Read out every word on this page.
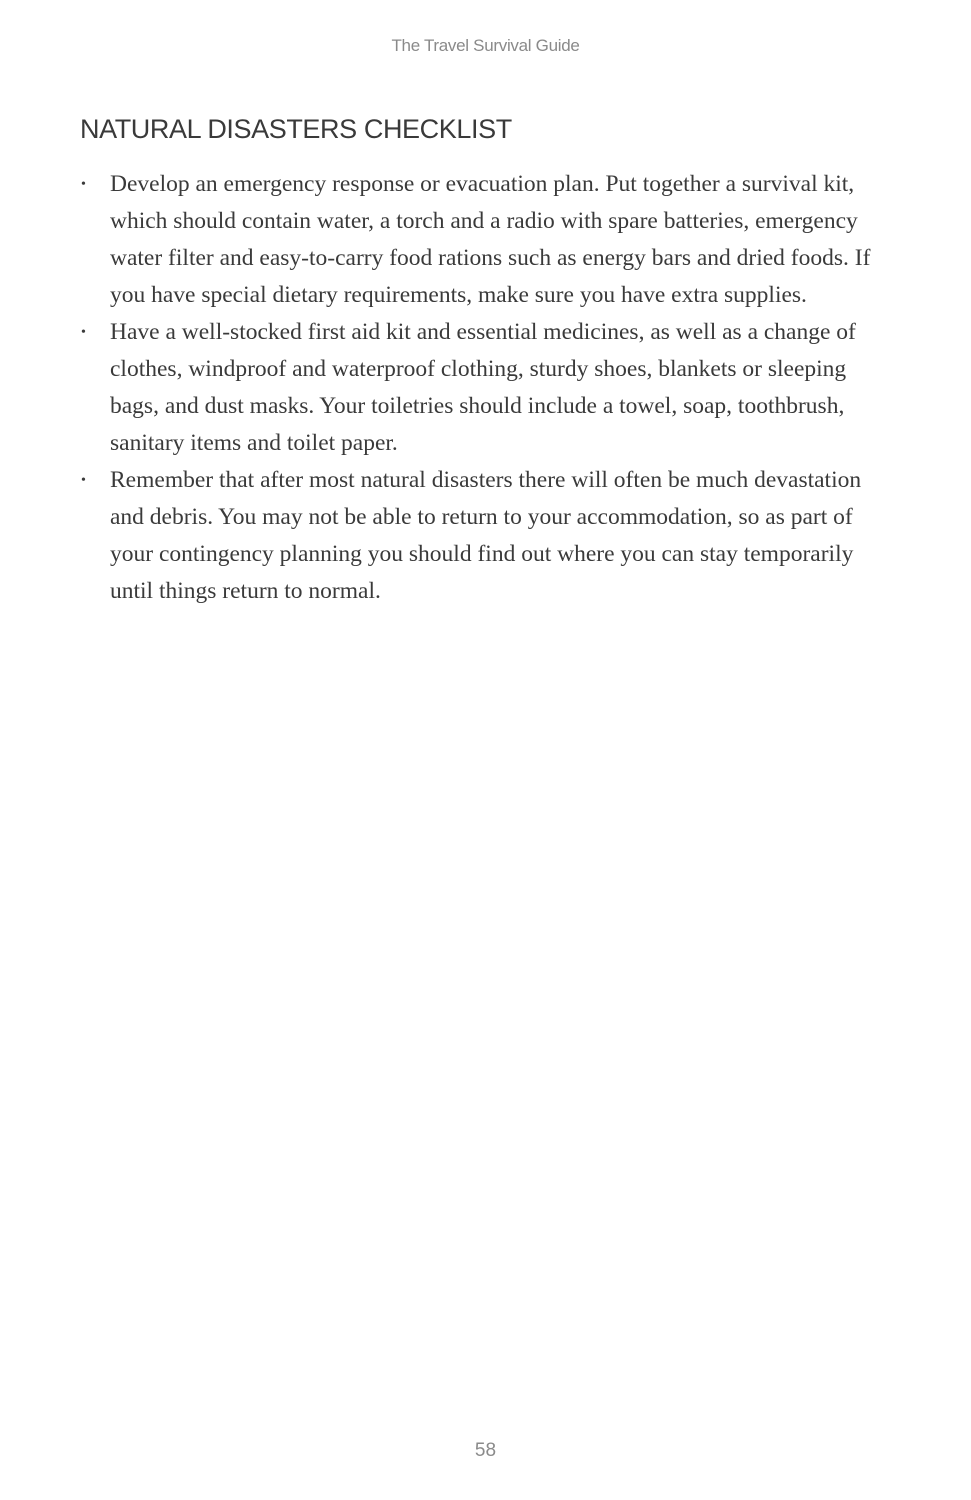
The Travel Survival Guide
NATURAL DISASTERS CHECKLIST
• Develop an emergency response or evacuation plan. Put together a survival kit, which should contain water, a torch and a radio with spare batteries, emergency water filter and easy-to-carry food rations such as energy bars and dried foods. If you have special dietary requirements, make sure you have extra supplies.
• Have a well-stocked first aid kit and essential medicines, as well as a change of clothes, windproof and waterproof clothing, sturdy shoes, blankets or sleeping bags, and dust masks. Your toiletries should include a towel, soap, toothbrush, sanitary items and toilet paper.
• Remember that after most natural disasters there will often be much devastation and debris. You may not be able to return to your accommodation, so as part of your contingency planning you should find out where you can stay temporarily until things return to normal.
58
